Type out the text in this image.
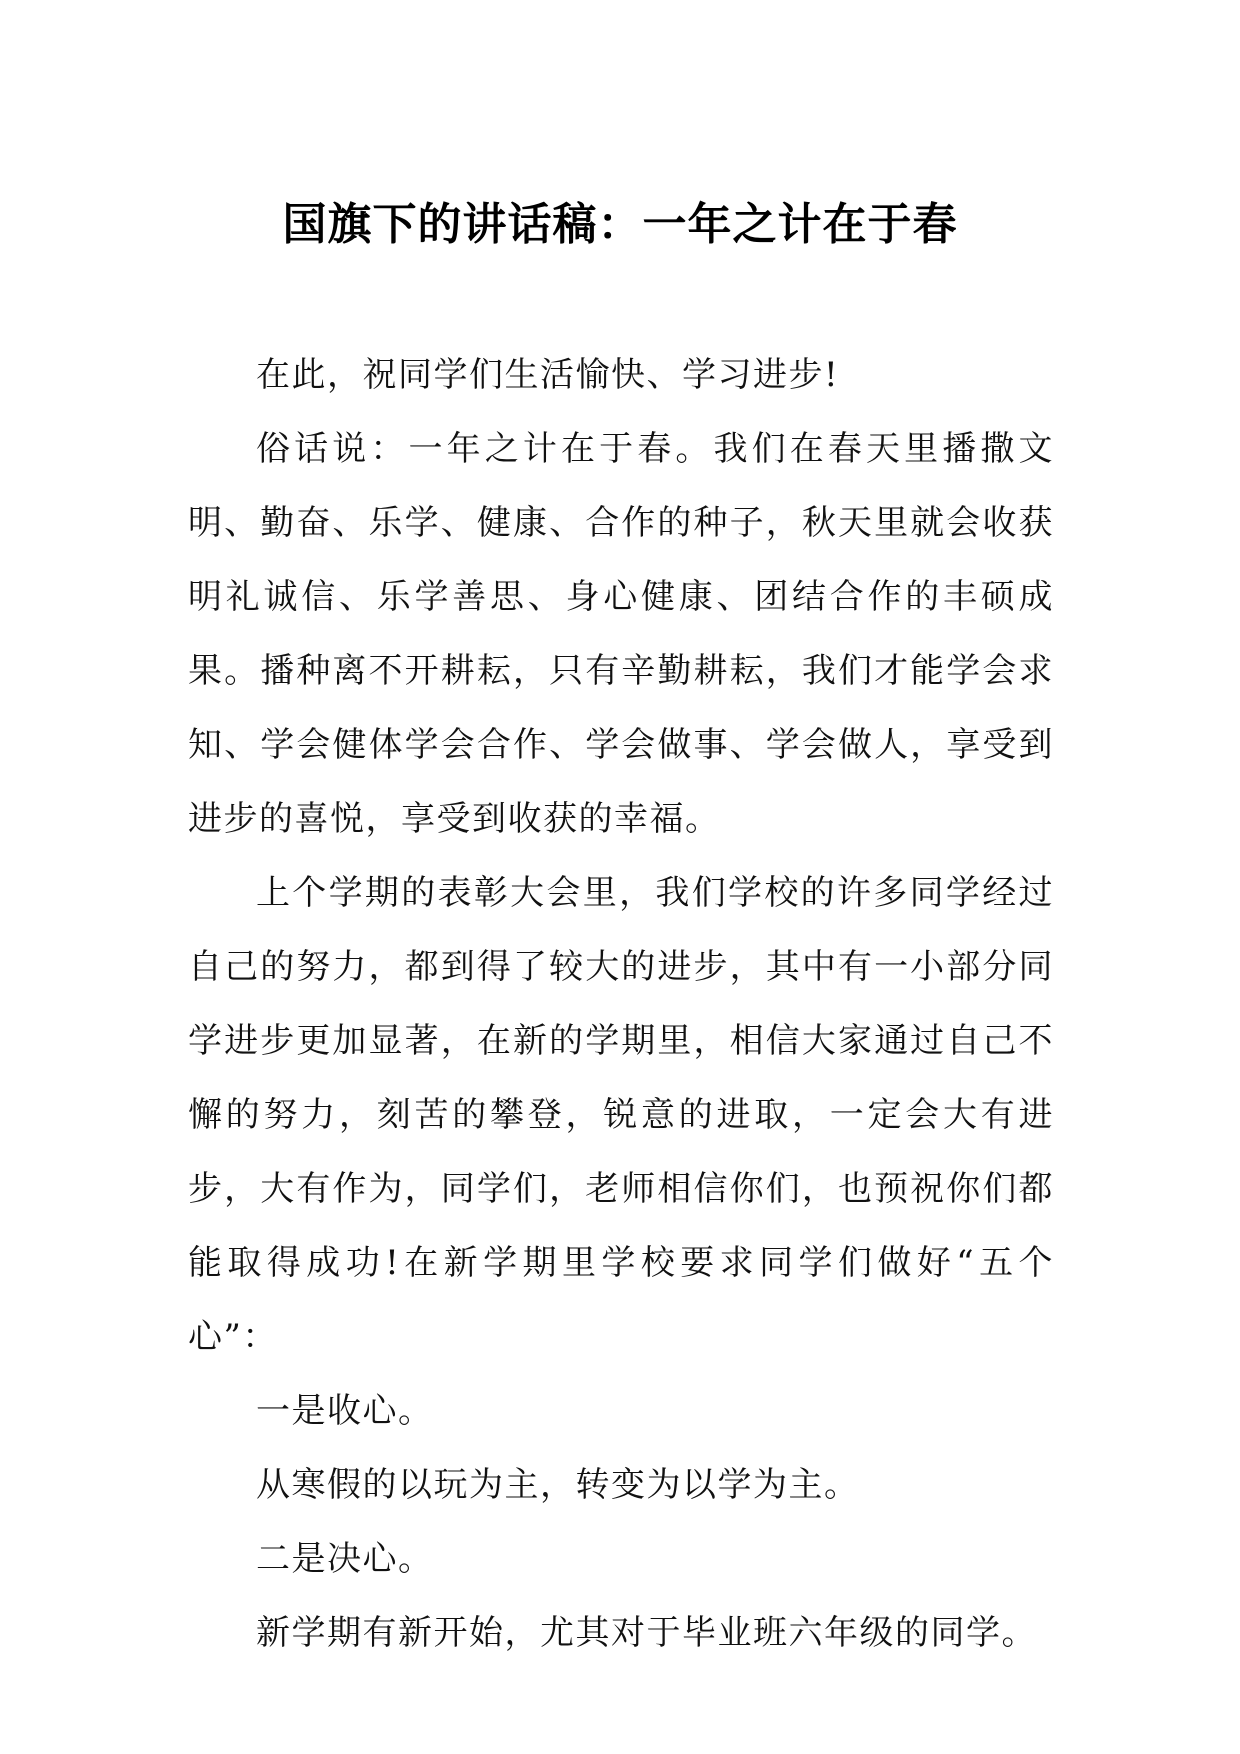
国旗下的讲话稿：一年之计在于春

在此，祝同学们生活愉快、学习进步!

俗话说：一年之计在于春。我们在春天里播撒文明、勤奋、乐学、健康、合作的种子，秋天里就会收获明礼诚信、乐学善思、身心健康、团结合作的丰硕成果。播种离不开耕耘，只有辛勤耕耘，我们才能学会求知、学会健体学会合作、学会做事、学会做人，享受到进步的喜悦，享受到收获的幸福。

上个学期的表彰大会里，我们学校的许多同学经过自己的努力，都到得了较大的进步，其中有一小部分同学进步更加显著，在新的学期里，相信大家通过自己不懈的努力，刻苦的攀登，锐意的进取，一定会大有进步，大有作为，同学们，老师相信你们，也预祝你们都能取得成功!在新学期里学校要求同学们做好“五个心”：

一是收心。

从寒假的以玩为主，转变为以学为主。

二是决心。

新学期有新开始，尤其对于毕业班六年级的同学。
